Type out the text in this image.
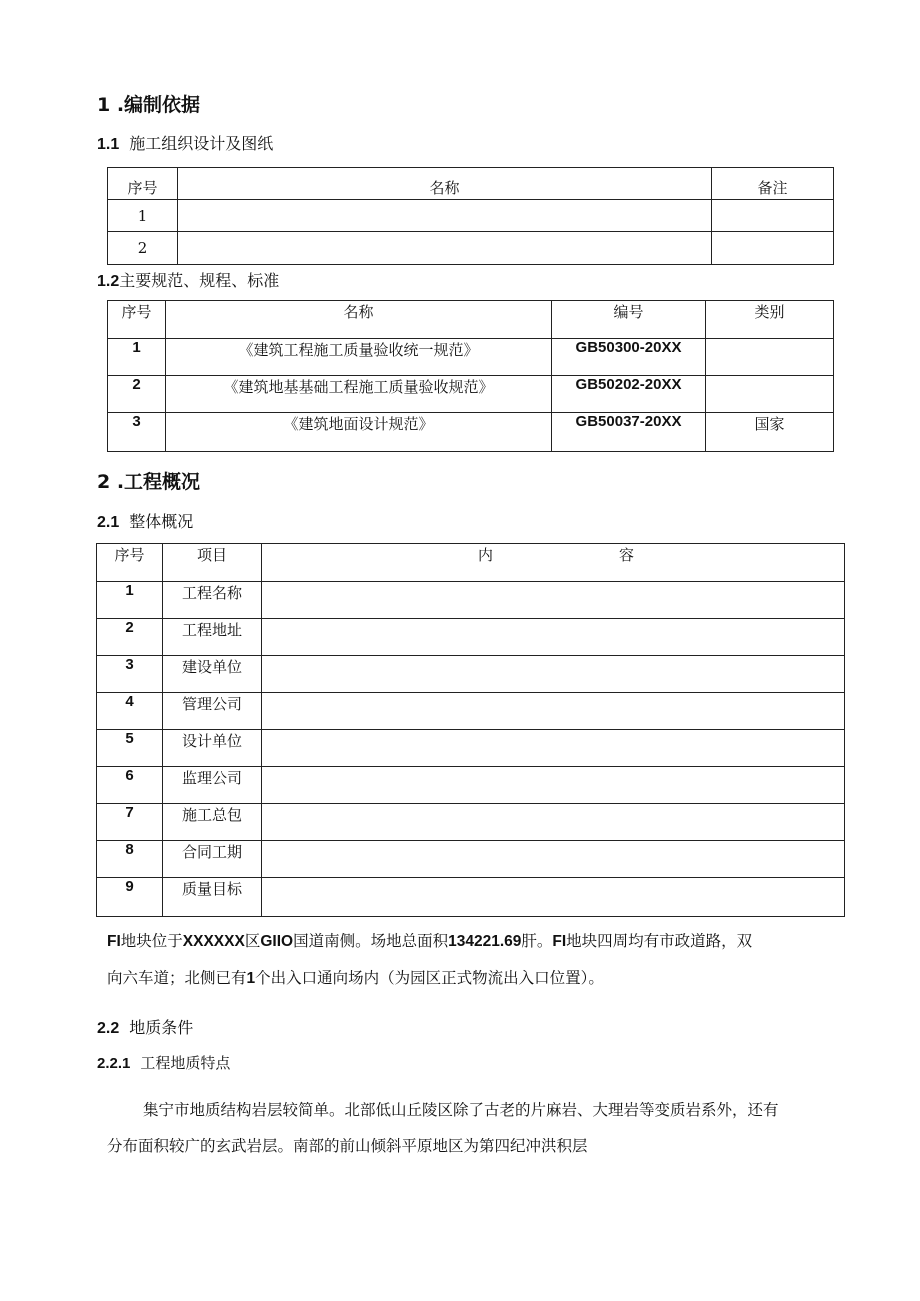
1 .编制依据
1.1 施工组织设计及图纸
序号	名称	备注
1		
2		
1.2主要规范、规程、标准
序号	名称	编号	类别
1	《建筑工程施工质量验收统一规范》	GB50300-20XX	
2	《建筑地基基础工程施工质量验收规范》	GB50202-20XX	
3	《建筑地面设计规范》	GB50037-20XX	国家
2 .工程概况
2.1 整体概况
序号	项目	内 容
1	工程名称	
2	工程地址	
3	建设单位	
4	管理公司	
5	设计单位	
6	监理公司	
7	施工总包	
8	合同工期	
9	质量目标	

FI地块位于XXXXXX区GIIO国道南侧。场地总面积134221.69肝。FI地块四周均有市政道路，双

向六车道；北侧已有1个出入口通向场内（为园区正式物流出入口位置）。

2.2 地质条件
2.2.1 工程地质特点

集宁市地质结构岩层较简单。北部低山丘陵区除了古老的片麻岩、大理岩等变质岩系外，还有

分布面积较广的玄武岩层。南部的前山倾斜平原地区为第四纪冲洪积层
